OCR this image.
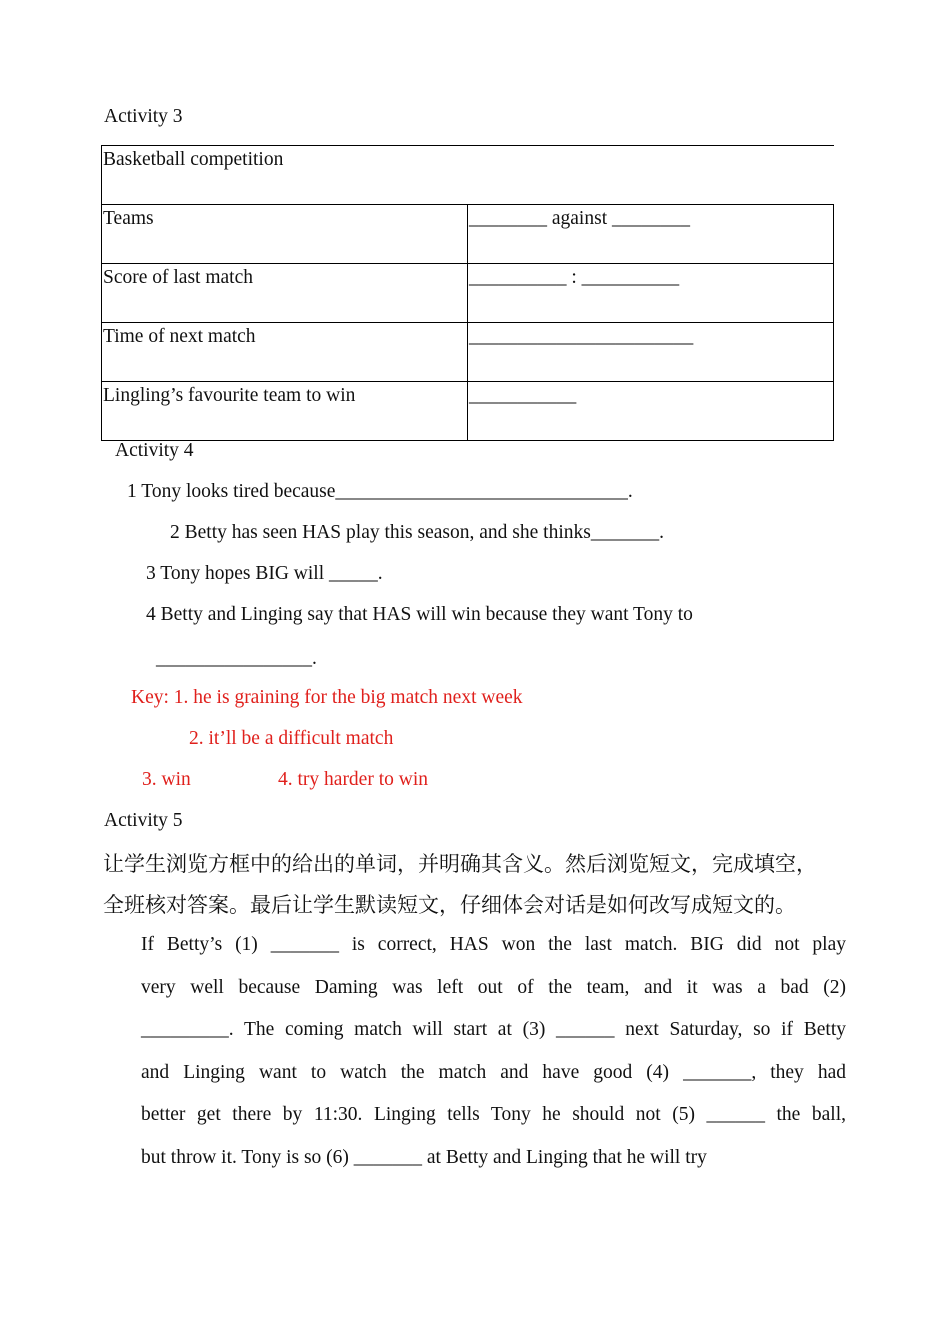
Activity 3
Basketball competition	
Teams	________ against ________
Score of last match	__________ : __________
Time of next match	_______________________
Lingling’s favourite team to win	___________
Activity 4
1 Tony looks tired because______________________________.
2 Betty has seen HAS play this season, and she thinks_______.
3 Tony hopes BIG will _____.
4 Betty and Linging say that HAS will win because they want Tony to
________________.
Key: 1. he is graining for the big match next week
2. it’ll be a difficult match
3. win	4. try harder to win
Activity 5
让学生浏览方框中的给出的单词，并明确其含义。然后浏览短文，完成填空，
全班核对答案。最后让学生默读短文，仔细体会对话是如何改写成短文的。
If Betty’s (1) _______ is correct, HAS won the last match. BIG did not play
very well because Daming was left out of the team, and it was a bad (2)
_________. The coming match will start at (3) ______ next Saturday, so if Betty
and Linging want to watch the match and have good (4) _______, they had
better get there by 11:30. Linging tells Tony he should not (5) ______ the ball,
but throw it. Tony is so (6) _______ at Betty and Linging that he will try
